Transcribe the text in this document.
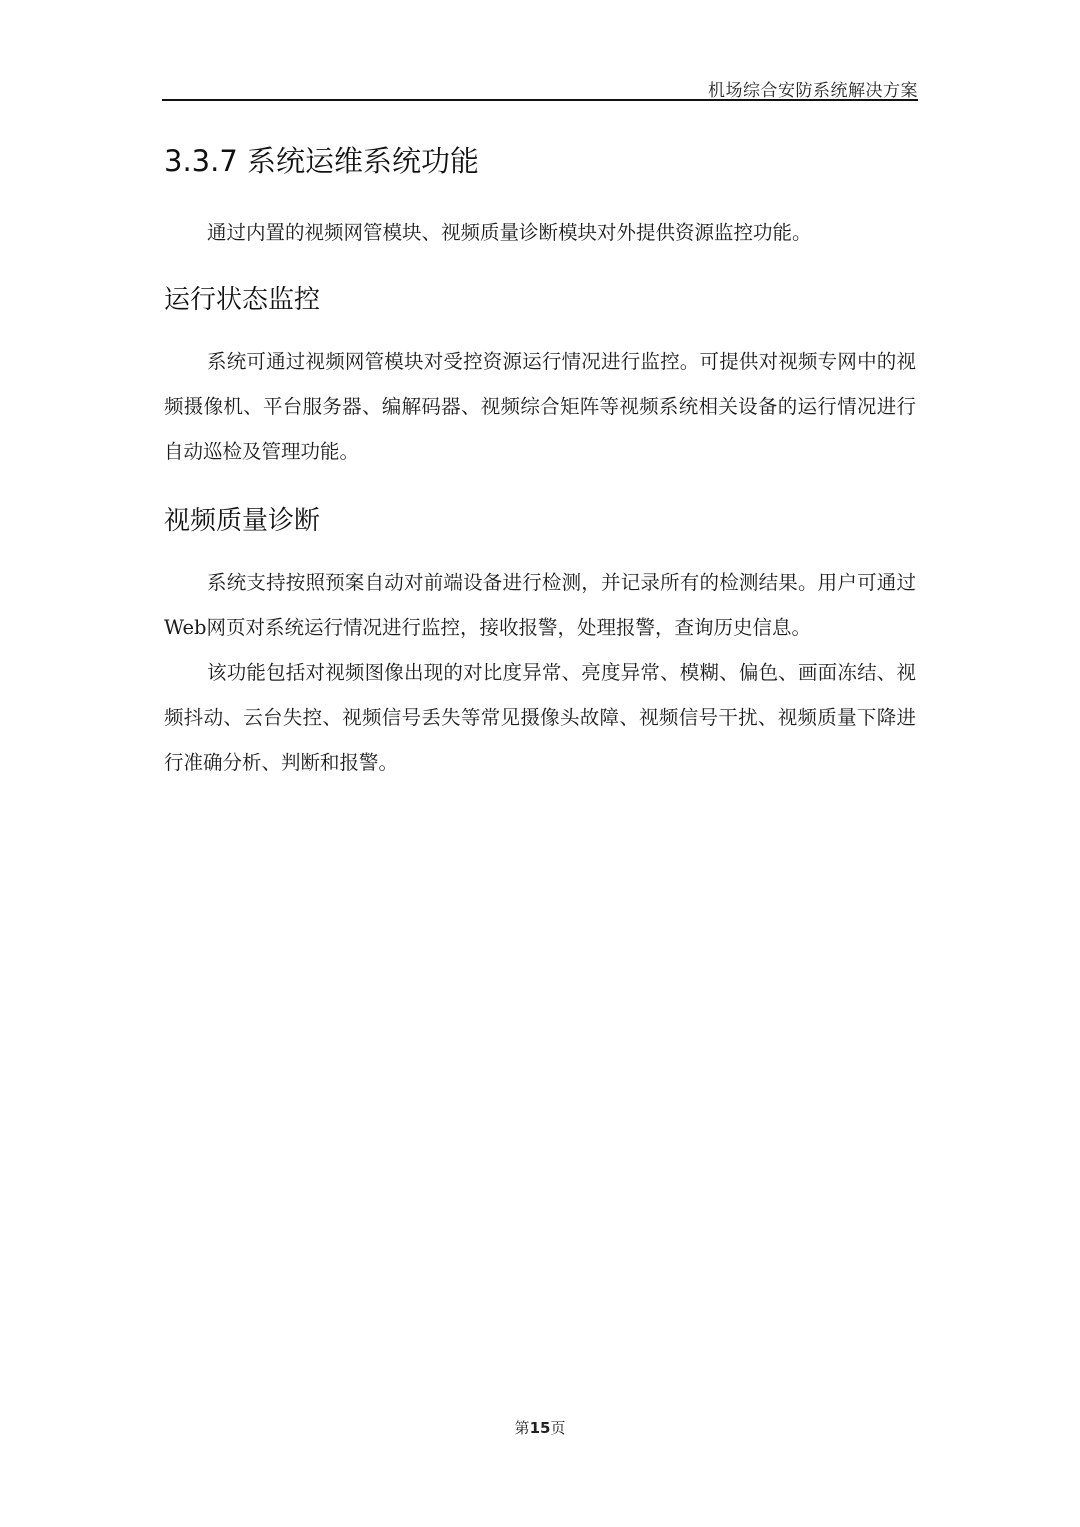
机场综合安防系统解决方案
3.3.7 系统运维系统功能

通过内置的视频网管模块、视频质量诊断模块对外提供资源监控功能。

运行状态监控

系统可通过视频网管模块对受控资源运行情况进行监控。可提供对视频专网中的视频摄像机、平台服务器、编解码器、视频综合矩阵等视频系统相关设备的运行情况进行自动巡检及管理功能。

视频质量诊断

系统支持按照预案自动对前端设备进行检测，并记录所有的检测结果。用户可通过Web网页对系统运行情况进行监控，接收报警，处理报警，查询历史信息。

该功能包括对视频图像出现的对比度异常、亮度异常、模糊、偏色、画面冻结、视频抖动、云台失控、视频信号丢失等常见摄像头故障、视频信号干扰、视频质量下降进行准确分析、判断和报警。

第15页
